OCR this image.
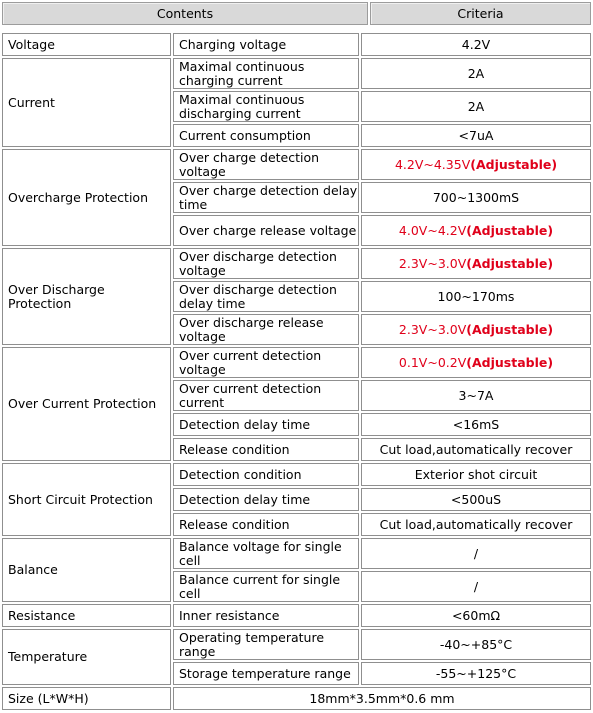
Contents	Criteria
Voltage	Charging voltage	4.2V
Current	Maximal continuous charging current	2A
	Maximal continuous discharging current	2A
	Current consumption	<7uA
Overcharge Protection	Over charge detection voltage	4.2V~4.35V(Adjustable)
	Over charge detection delay time	700~1300mS
	Over charge release voltage	4.0V~4.2V(Adjustable)
Over Discharge Protection	Over discharge detection voltage	2.3V~3.0V(Adjustable)
	Over discharge detection delay time	100~170ms
	Over discharge release voltage	2.3V~3.0V(Adjustable)
Over Current Protection	Over current detection voltage	0.1V~0.2V(Adjustable)
	Over current detection current	3~7A
	Detection delay time	<16mS
	Release condition	Cut load,automatically recover
Short Circuit Protection	Detection condition	Exterior shot circuit
	Detection delay time	<500uS
	Release condition	Cut load,automatically recover
Balance	Balance voltage for single cell	/
	Balance current for single cell	/
Resistance	Inner resistance	<60mΩ
Temperature	Operating temperature range	-40~+85°C
	Storage temperature range	-55~+125°C
Size (L*W*H)	18mm*3.5mm*0.6 mm	
